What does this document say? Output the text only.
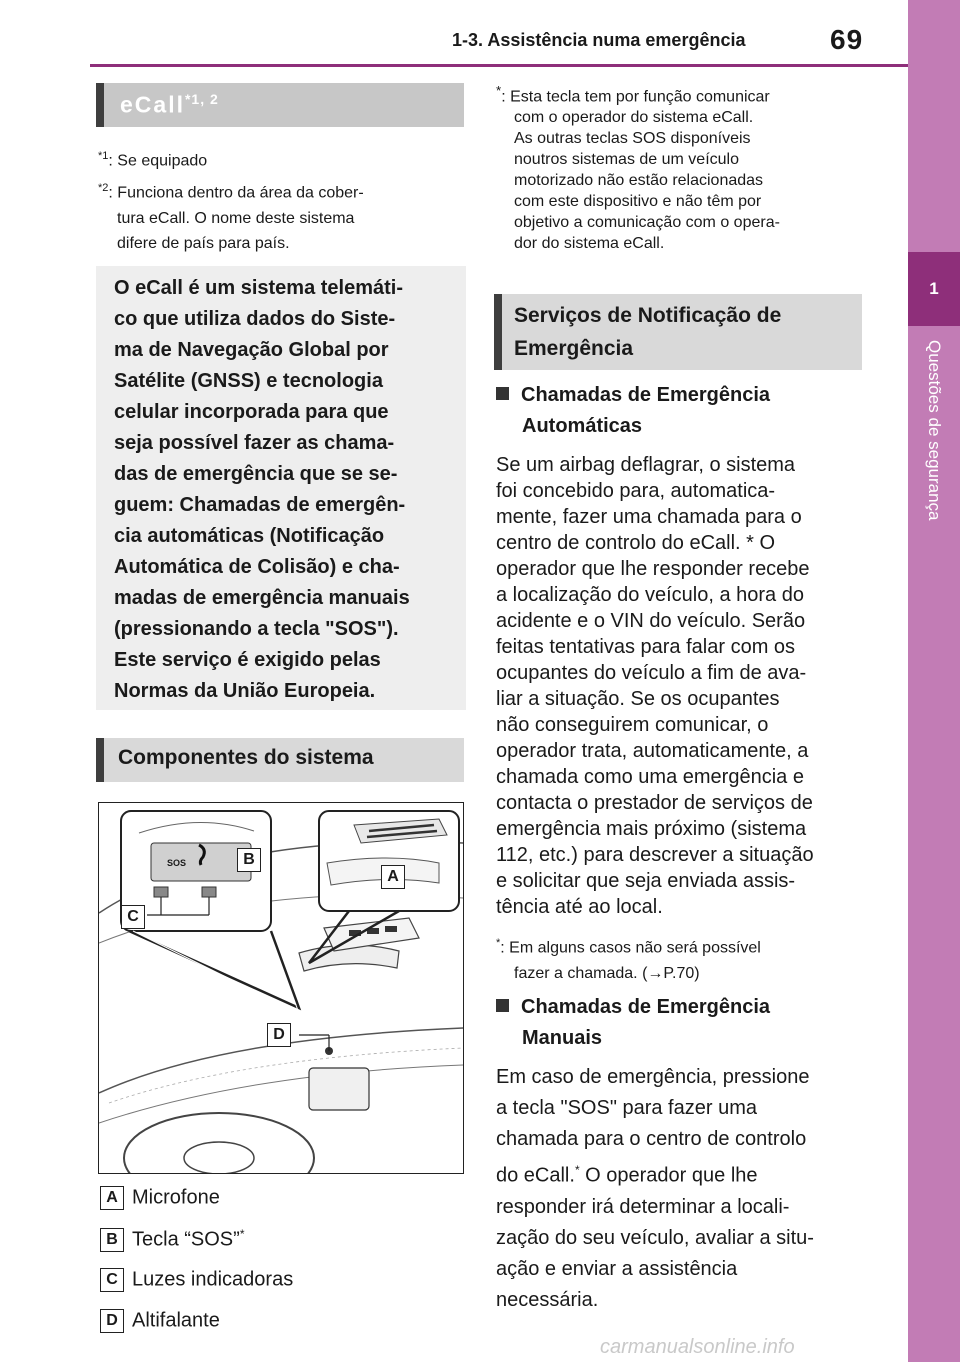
1-3. Assistência numa emergência	69
1
Questões de segurança
eCall$^{*1, 2}$
$^{*1}$: Se equipado
$^{*2}$: Funciona dentro da área da cober-
tura eCall. O nome deste sistema
difere de país para país.
O eCall é um sistema telemáti-
co que utiliza dados do Siste-
ma de Navegação Global por
Satélite (GNSS) e tecnologia
celular incorporada para que
seja possível fazer as chama-
das de emergência que se se-
guem: Chamadas de emergên-
cia automáticas (Notificação
Automática de Colisão) e cha-
madas de emergência manuais
(pressionando a tecla "SOS").
Este serviço é exigido pelas
Normas da União Europeia.
Componentes do sistema
SOS	B
C
A
D
A Microfone
B Tecla “SOS”*
C Luzes indicadoras
D Altifalante
*: Esta tecla tem por função comunicar
com o operador do sistema eCall.
As outras teclas SOS disponíveis
noutros sistemas de um veículo
motorizado não estão relacionadas
com este dispositivo e não têm por
objetivo a comunicação com o opera-
dor do sistema eCall.
Serviços de Notificação de
Emergência
Chamadas de Emergência
Automáticas
Se um airbag deflagrar, o sistema
foi concebido para, automatica-
mente, fazer uma chamada para o
centro de controlo do eCall. * O
operador que lhe responder recebe
a localização do veículo, a hora do
acidente e o VIN do veículo. Serão
feitas tentativas para falar com os
ocupantes do veículo a fim de ava-
liar a situação. Se os ocupantes
não conseguirem comunicar, o
operador trata, automaticamente, a
chamada como uma emergência e
contacta o prestador de serviços de
emergência mais próximo (sistema
112, etc.) para descrever a situação
e solicitar que seja enviada assis-
tência até ao local.
*: Em alguns casos não será possível
fazer a chamada. (→P.70)
Chamadas de Emergência
Manuais
Em caso de emergência, pressione
a tecla "SOS" para fazer uma
chamada para o centro de controlo
do eCall.* O operador que lhe
responder irá determinar a locali-
zação do seu veículo, avaliar a situ-
ação e enviar a assistência
necessária.
carmanualsonline.info
